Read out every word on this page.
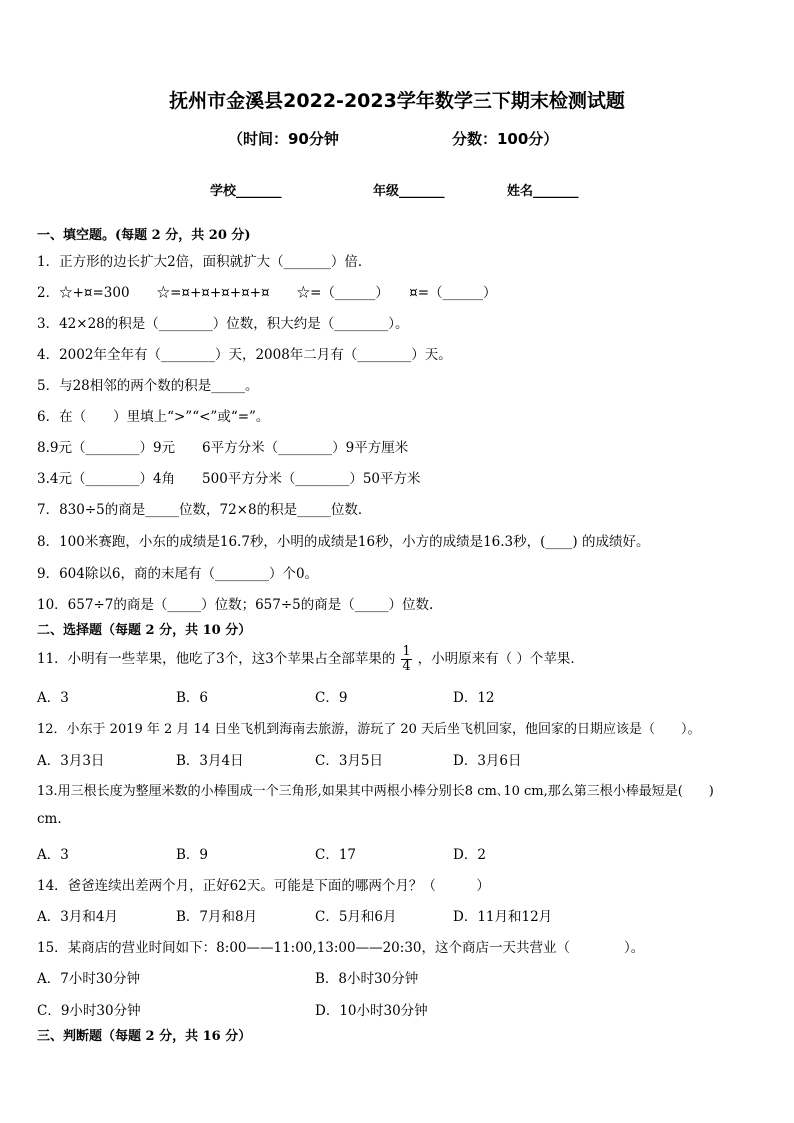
抚州市金溪县2022-2023学年数学三下期末检测试题
（时间：90分钟	分数：100分）
学校_______	年级_______	姓名_______
一、填空题。(每题 2 分，共 20 分)
1．正方形的边长扩大2倍，面积就扩大（_______）倍．
2．☆+¤=300　　☆=¤+¤+¤+¤+¤　　☆=（______）　　¤=（______）
3．42×28的积是（________）位数，积大约是（________）。
4．2002年全年有（________）天，2008年二月有（________）天。
5．与28相邻的两个数的积是_____。
6．在（　　）里填上“>”“<”或“=”。
8.9元（________）9元　　6平方分米（________）9平方厘米
3.4元（________）4角　　500平方分米（________）50平方米
7．830÷5的商是_____位数，72×8的积是_____位数．
8．100米赛跑，小东的成绩是16.7秒，小明的成绩是16秒，小方的成绩是16.3秒，(____) 的成绩好。
9．604除以6，商的末尾有（________）个0。
10．657÷7的商是（_____）位数；657÷5的商是（_____）位数.
二、选择题（每题 2 分，共 10 分）
11．小明有一些苹果，他吃了3个，这3个苹果占全部苹果的 $\frac{1}{4}$ ，小明原来有（ ）个苹果．
A．3	B．6	C．9	D．12
12．小东于 2019 年 2 月 14 日坐飞机到海南去旅游，游玩了 20 天后坐飞机回家，他回家的日期应该是（　　）。
A．3月3日	B．3月4日	C．3月5日	D．3月6日
13.用三根长度为整厘米数的小棒围成一个三角形,如果其中两根小棒分别长8 cm､10 cm,那么第三根小棒最短是(　　)
cm.
A．3	B．9	C．17	D．2
14．爸爸连续出差两个月，正好62天。可能是下面的哪两个月？（　　　）
A．3月和4月	B．7月和8月	C．5月和6月	D．11月和12月
15．某商店的营业时间如下：8:00——11:00,13:00——20:30，这个商店一天共营业（　　　　）。
A．7小时30分钟	B．8小时30分钟
C．9小时30分钟	D．10小时30分钟
三、判断题（每题 2 分，共 16 分）
